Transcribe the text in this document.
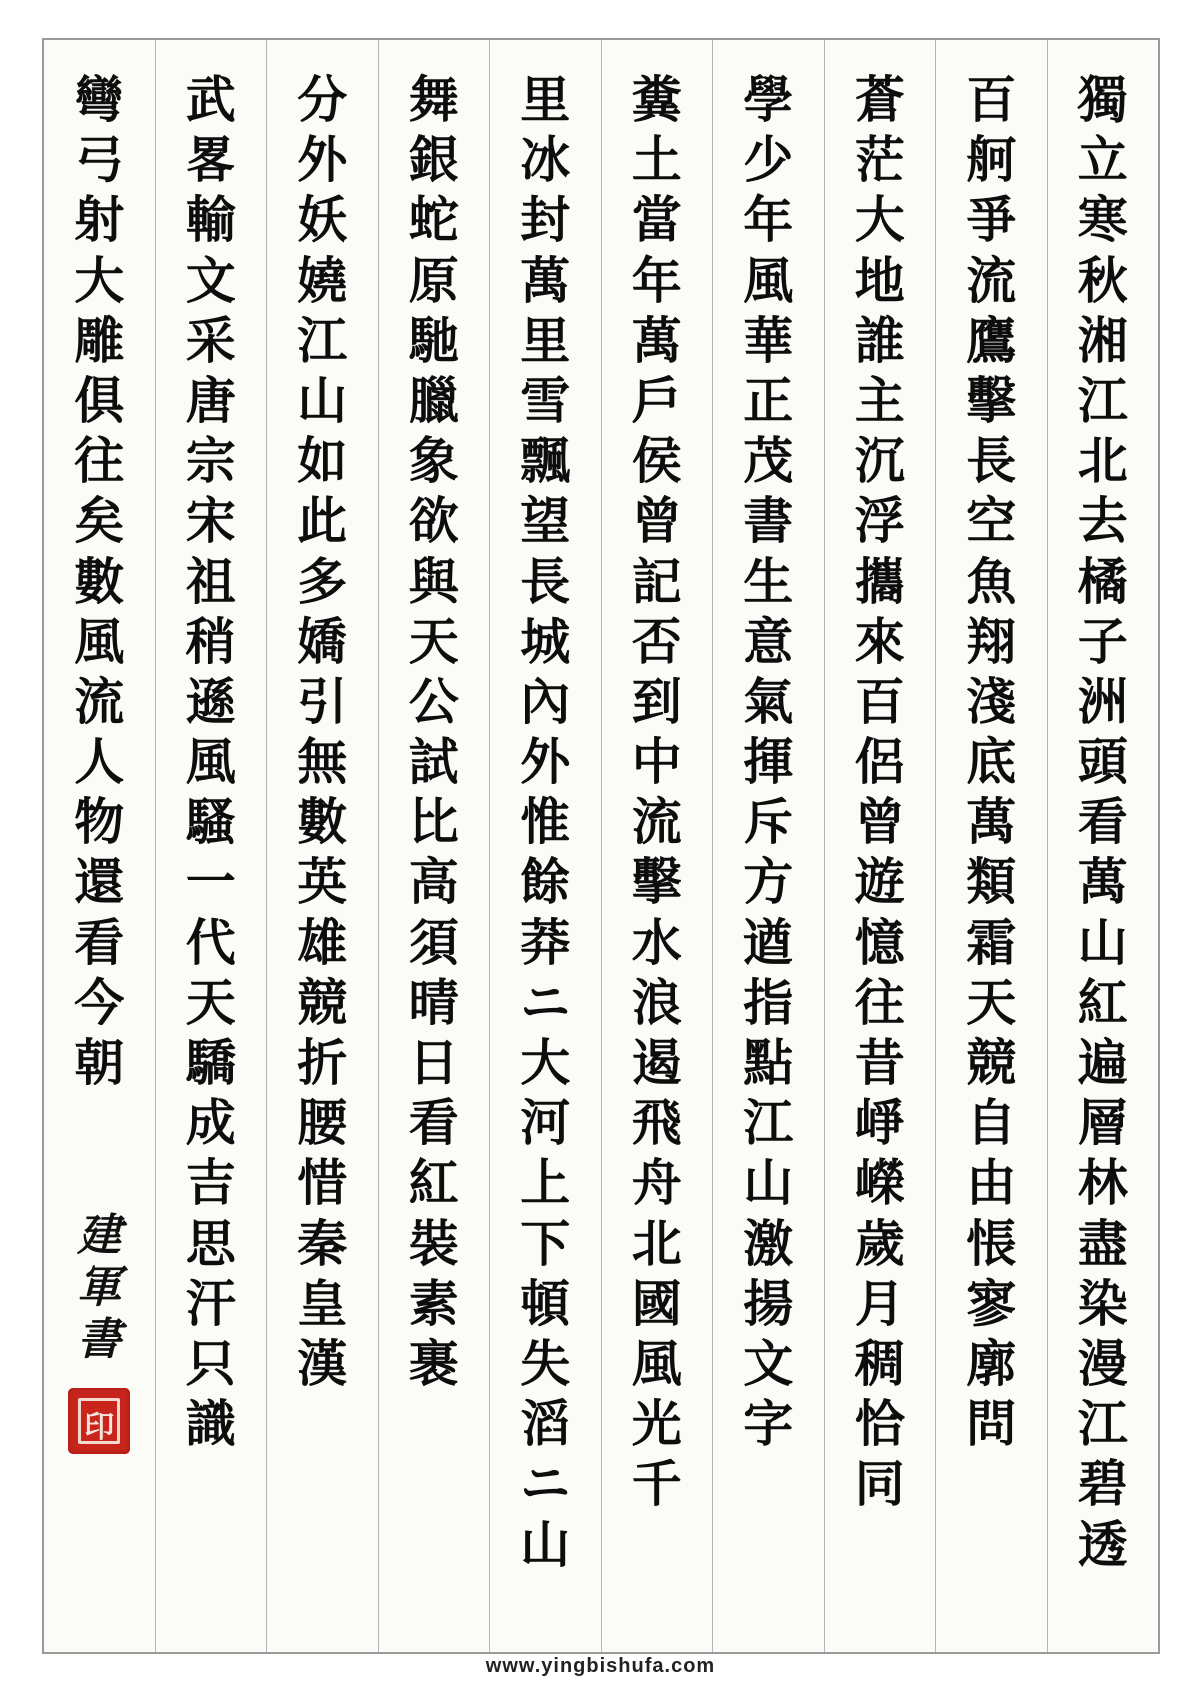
獨
立
寒
秋
湘
江
北
去
橘
子
洲
頭
看
萬
山
紅
遍
層
林
盡
染
漫
江
碧
透
百
舸
爭
流
鷹
擊
長
空
魚
翔
淺
底
萬
類
霜
天
競
自
由
悵
寥
廓
問
蒼
茫
大
地
誰
主
沉
浮
攜
來
百
侶
曾
遊
憶
往
昔
崢
嶸
歲
月
稠
恰
同
學
少
年
風
華
正
茂
書
生
意
氣
揮
斥
方
遒
指
點
江
山
激
揚
文
字
糞
土
當
年
萬
戶
侯
曾
記
否
到
中
流
擊
水
浪
遏
飛
舟
北
國
風
光
千
里
冰
封
萬
里
雪
飄
望
長
城
內
外
惟
餘
莽
ニ
大
河
上
下
頓
失
滔
ニ
山
舞
銀
蛇
原
馳
臘
象
欲
與
天
公
試
比
高
須
晴
日
看
紅
裝
素
裹
分
外
妖
嬈
江
山
如
此
多
嬌
引
無
數
英
雄
競
折
腰
惜
秦
皇
漢
武
畧
輸
文
采
唐
宗
宋
祖
稍
遜
風
騷
一
代
天
驕
成
吉
思
汗
只
識
彎
弓
射
大
雕
俱
往
矣
數
風
流
人
物
還
看
今
朝
建
軍
書
印
www.yingbishufa.com
